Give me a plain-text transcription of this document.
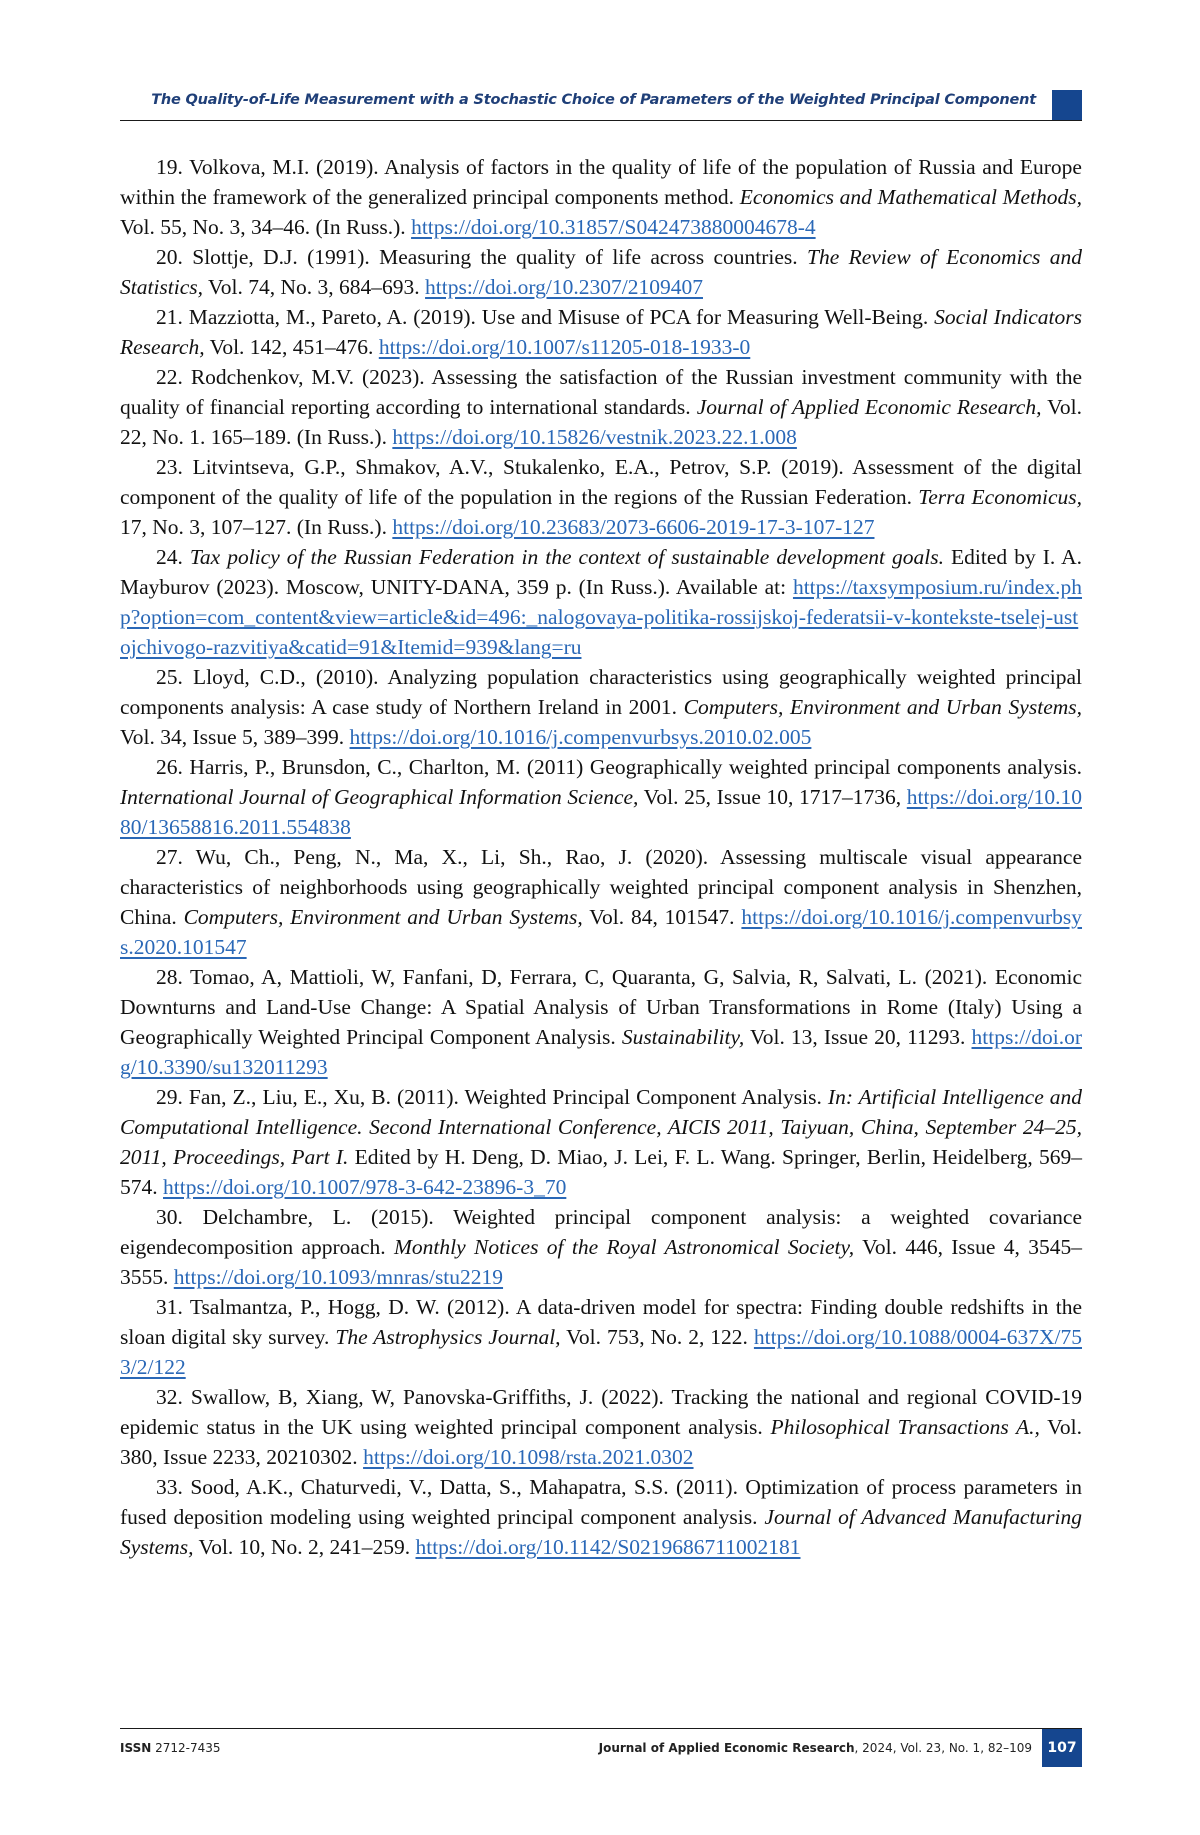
The Quality-of-Life Measurement with a Stochastic Choice of Parameters of the Weighted Principal Component

19. Volkova, M.I. (2019). Analysis of factors in the quality of life of the population of Russia and Europe within the framework of the generalized principal components method. Economics and Mathematical Methods, Vol. 55, No. 3, 34–46. (In Russ.). https://doi.org/10.31857/S042473880004678-4

20. Slottje, D.J. (1991). Measuring the quality of life across countries. The Review of Economics and Statistics, Vol. 74, No. 3, 684–693. https://doi.org/10.2307/2109407

21. Mazziotta, M., Pareto, A. (2019). Use and Misuse of PCA for Measuring Well-Being. Social Indicators Research, Vol. 142, 451–476. https://doi.org/10.1007/s11205-018-1933-0

22. Rodchenkov, M.V. (2023). Assessing the satisfaction of the Russian investment community with the quality of financial reporting according to international standards. Journal of Applied Economic Research, Vol. 22, No. 1. 165–189. (In Russ.). https://doi.org/10.15826/vestnik.2023.22.1.008

23. Litvintseva, G.P., Shmakov, A.V., Stukalenko, E.A., Petrov, S.P. (2019). Assessment of the digital component of the quality of life of the population in the regions of the Russian Federation. Terra Economicus, 17, No. 3, 107–127. (In Russ.). https://doi.org/10.23683/2073-6606-2019-17-3-107-127

24. Tax policy of the Russian Federation in the context of sustainable development goals. Edited by I. A. Mayburov (2023). Moscow, UNITY-DANA, 359 p. (In Russ.). Available at: https://taxsymposium.ru/index.php?option=com_content&view=article&id=496:_nalogovaya-politika-rossijskoj-federatsii-v-kontekste-tselej-ustojchivogo-razvitiya&catid=91&Itemid=939&lang=ru

25. Lloyd, C.D., (2010). Analyzing population characteristics using geographically weighted principal components analysis: A case study of Northern Ireland in 2001. Computers, Environment and Urban Systems, Vol. 34, Issue 5, 389–399. https://doi.org/10.1016/j.compenvurbsys.2010.02.005

26. Harris, P., Brunsdon, C., Charlton, M. (2011) Geographically weighted principal components analysis. International Journal of Geographical Information Science, Vol. 25, Issue 10, 1717–1736, https://doi.org/10.1080/13658816.2011.554838

27. Wu, Ch., Peng, N., Ma, X., Li, Sh., Rao, J. (2020). Assessing multiscale visual appearance characteristics of neighborhoods using geographically weighted principal component analysis in Shenzhen, China. Computers, Environment and Urban Systems, Vol. 84, 101547. https://doi.org/10.1016/j.compenvurbsys.2020.101547

28. Tomao, A, Mattioli, W, Fanfani, D, Ferrara, C, Quaranta, G, Salvia, R, Salvati, L. (2021). Economic Downturns and Land-Use Change: A Spatial Analysis of Urban Transformations in Rome (Italy) Using a Geographically Weighted Principal Component Analysis. Sustainability, Vol. 13, Issue 20, 11293. https://doi.org/10.3390/su132011293

29. Fan, Z., Liu, E., Xu, B. (2011). Weighted Principal Component Analysis. In: Artificial Intelligence and Computational Intelligence. Second International Conference, AICIS 2011, Taiyuan, China, September 24–25, 2011, Proceedings, Part I. Edited by H. Deng, D. Miao, J. Lei, F. L. Wang. Springer, Berlin, Heidelberg, 569–574. https://doi.org/10.1007/978-3-642-23896-3_70

30. Delchambre, L. (2015). Weighted principal component analysis: a weighted covariance eigendecomposition approach. Monthly Notices of the Royal Astronomical Society, Vol. 446, Issue 4, 3545–3555. https://doi.org/10.1093/mnras/stu2219

31. Tsalmantza, P., Hogg, D. W. (2012). A data-driven model for spectra: Finding double redshifts in the sloan digital sky survey. The Astrophysics Journal, Vol. 753, No. 2, 122. https://doi.org/10.1088/0004-637X/753/2/122

32. Swallow, B, Xiang, W, Panovska-Griffiths, J. (2022). Tracking the national and regional COVID-19 epidemic status in the UK using weighted principal component analysis. Philosophical Transactions A., Vol. 380, Issue 2233, 20210302. https://doi.org/10.1098/rsta.2021.0302

33. Sood, A.K., Chaturvedi, V., Datta, S., Mahapatra, S.S. (2011). Optimization of process parameters in fused deposition modeling using weighted principal component analysis. Journal of Advanced Manufacturing Systems, Vol. 10, No. 2, 241–259. https://doi.org/10.1142/S0219686711002181

ISSN 2712-7435	Journal of Applied Economic Research, 2024, Vol. 23, No. 1, 82–109	107
